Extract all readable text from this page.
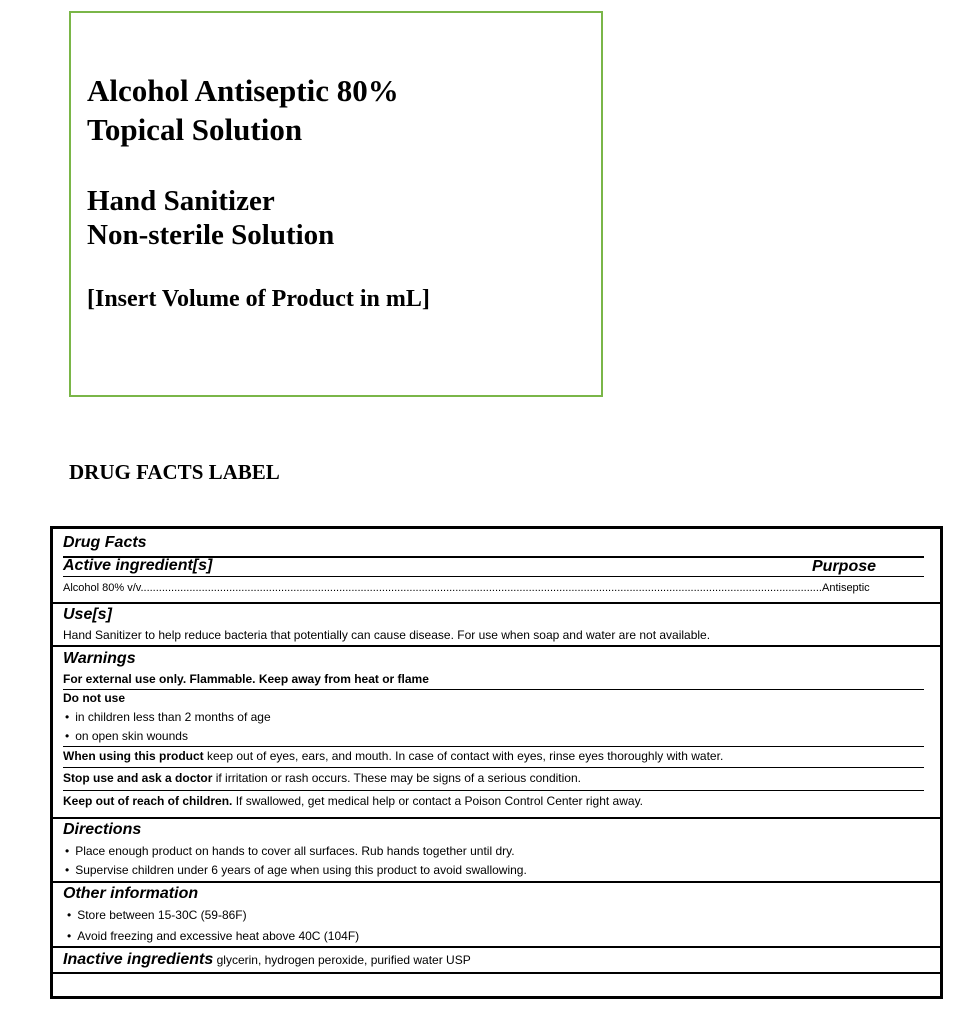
Alcohol Antiseptic 80%
Topical Solution
Hand Sanitizer
Non-sterile Solution
[Insert Volume of Product in mL]
DRUG FACTS LABEL
Drug Facts
Active ingredient[s]	Purpose
Alcohol 80% v/v...............................................................................................................................................................................................................................Antiseptic
Use[s]
Hand Sanitizer to help reduce bacteria that potentially can cause disease. For use when soap and water are not available.
Warnings
For external use only. Flammable. Keep away from heat or flame
Do not use
• in children less than 2 months of age
• on open skin wounds
When using this product keep out of eyes, ears, and mouth. In case of contact with eyes, rinse eyes thoroughly with water.
Stop use and ask a doctor if irritation or rash occurs. These may be signs of a serious condition.
Keep out of reach of children. If swallowed, get medical help or contact a Poison Control Center right away.
Directions
• Place enough product on hands to cover all surfaces. Rub hands together until dry.
• Supervise children under 6 years of age when using this product to avoid swallowing.
Other information
• Store between 15-30C (59-86F)
• Avoid freezing and excessive heat above 40C (104F)
Inactive ingredients glycerin, hydrogen peroxide, purified water USP
